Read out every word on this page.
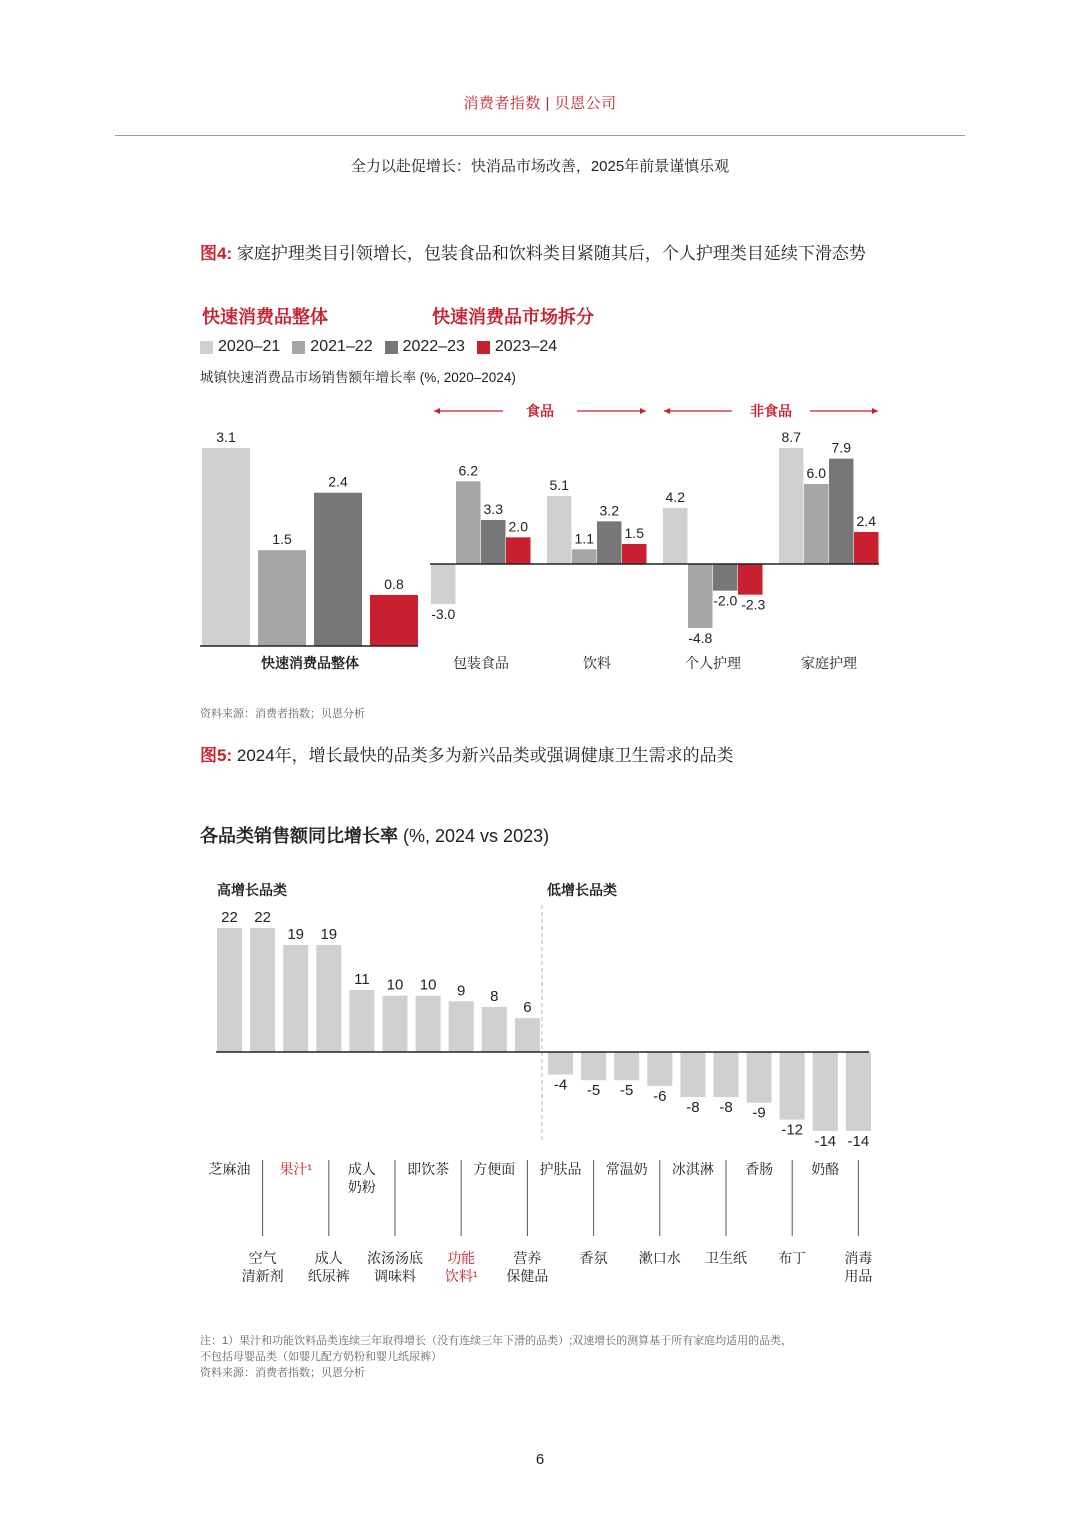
消费者指数 | 贝恩公司
全力以赴促增长：快消品市场改善，2025年前景谨慎乐观
图4: 家庭护理类目引领增长，包装食品和饮料类目紧随其后，个人护理类目延续下滑态势
快速消费品整体	快速消费品市场拆分
2020–21 2021–22 2022–23 2023–24
城镇快速消费品市场销售额年增长率 (%, 2020–2024)
食品	非食品
3.1
1.5
2.4
0.8
-3.0
6.2
3.3
2.0
5.1
1.1
3.2
1.5
4.2
-4.8
-2.0 -2.3
8.7
6.0
7.9
2.4
快速消费品整体	包装食品	饮料	个人护理	家庭护理
资料来源：消费者指数；贝恩分析
图5: 2024年，增长最快的品类多为新兴品类或强调健康卫生需求的品类
各品类销售额同比增长率 (%, 2024 vs 2023)
高增长品类	低增长品类
22 22
19 19
11 10 10 9 8
6
-4 -5 -5 -6
-8 -8 -9
-12
-14 -14
芝麻油 果汁¹	成人
奶粉
即饮茶 方便面 护肤品 常温奶 冰淇淋 香肠	奶酪
空气
清新剂
成人
纸尿裤
浓汤汤底
调味料
功能
饮料¹
营养
保健品
香氛 漱口水 卫生纸 布丁	消毒
用品
注：1）果汁和功能饮料品类连续三年取得增长（没有连续三年下滑的品类）;双速增长的测算基于所有家庭均适用的品类，
不包括母婴品类（如婴儿配方奶粉和婴儿纸尿裤）
资料来源：消费者指数；贝恩分析
6
